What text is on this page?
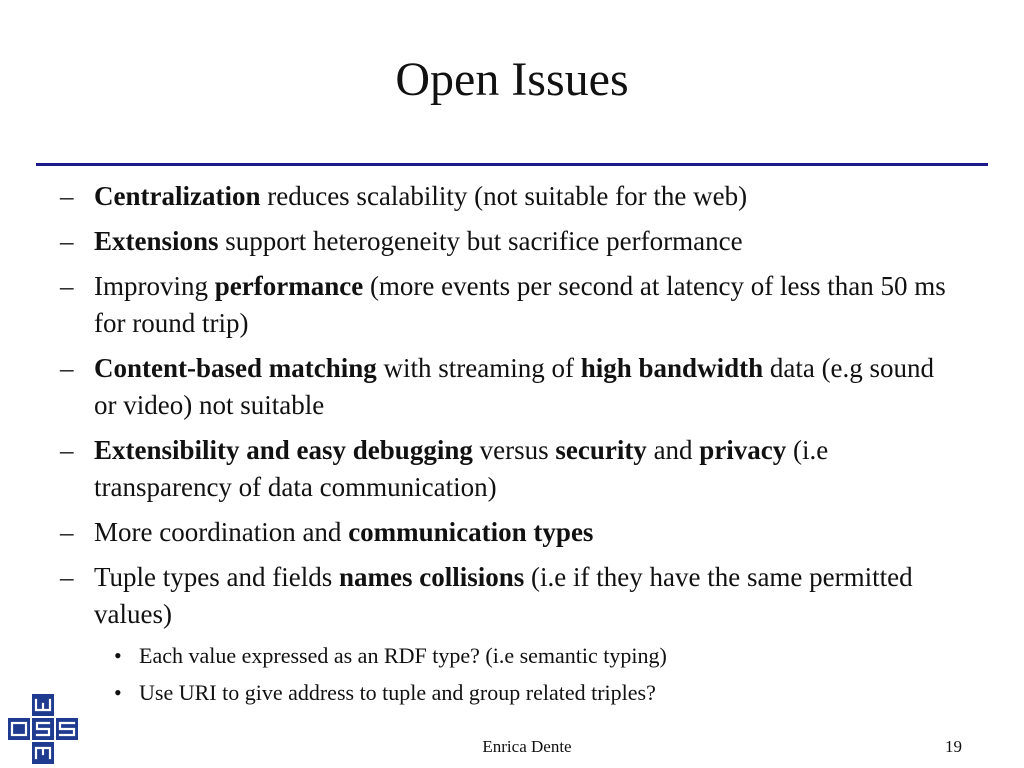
Open Issues
– Centralization reduces scalability (not suitable for the web)
– Extensions support heterogeneity but sacrifice performance
– Improving performance (more events per second at latency of less than 50 ms for round trip)
– Content-based matching with streaming of high bandwidth data (e.g sound or video) not suitable
– Extensibility and easy debugging versus security and privacy (i.e transparency of data communication)
– More coordination and communication types
– Tuple types and fields names collisions (i.e if they have the same permitted values)
• Each value expressed as an RDF type? (i.e semantic typing)
• Use URI to give address to tuple and group related triples?
Enrica Dente	19
